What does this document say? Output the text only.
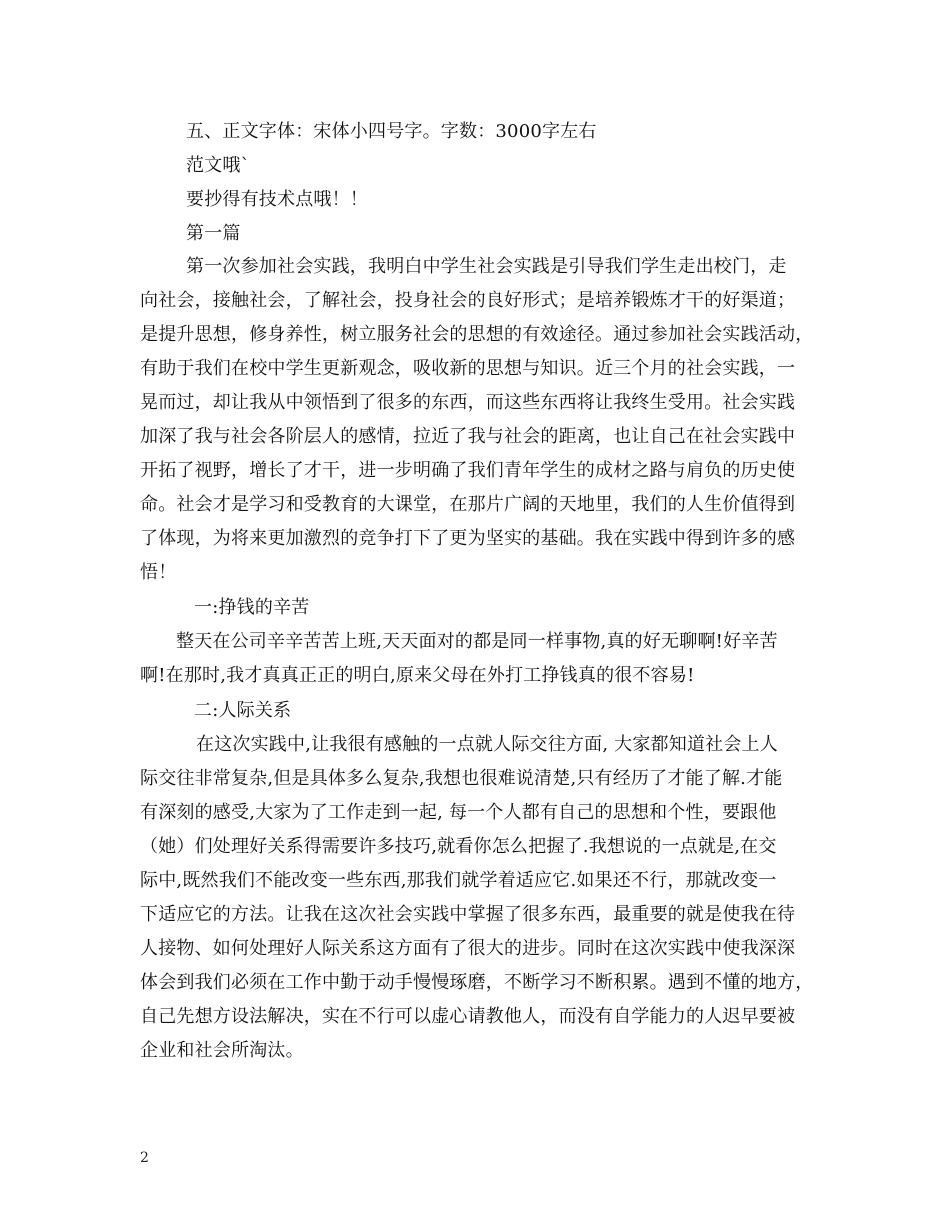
五、正文字体：宋体小四号字。字数：3000字左右
范文哦`
要抄得有技术点哦！！
第一篇
第一次参加社会实践，我明白中学生社会实践是引导我们学生走出校门，走
向社会，接触社会，了解社会，投身社会的良好形式；是培养锻炼才干的好渠道；
是提升思想，修身养性，树立服务社会的思想的有效途径。通过参加社会实践活动，
有助于我们在校中学生更新观念，吸收新的思想与知识。近三个月的社会实践，一
晃而过，却让我从中领悟到了很多的东西，而这些东西将让我终生受用。社会实践
加深了我与社会各阶层人的感情，拉近了我与社会的距离，也让自己在社会实践中
开拓了视野，增长了才干，进一步明确了我们青年学生的成材之路与肩负的历史使
命。社会才是学习和受教育的大课堂，在那片广阔的天地里，我们的人生价值得到
了体现，为将来更加激烈的竞争打下了更为坚实的基础。我在实践中得到许多的感
悟！
一:挣钱的辛苦
整天在公司辛辛苦苦上班,天天面对的都是同一样事物,真的好无聊啊!好辛苦
啊!在那时,我才真真正正的明白,原来父母在外打工挣钱真的很不容易!
二:人际关系
在这次实践中,让我很有感触的一点就人际交往方面, 大家都知道社会上人
际交往非常复杂,但是具体多么复杂,我想也很难说清楚,只有经历了才能了解.才能
有深刻的感受,大家为了工作走到一起, 每一个人都有自己的思想和个性，要跟他
（她）们处理好关系得需要许多技巧,就看你怎么把握了.我想说的一点就是,在交
际中,既然我们不能改变一些东西,那我们就学着适应它.如果还不行，那就改变一
下适应它的方法。让我在这次社会实践中掌握了很多东西，最重要的就是使我在待
人接物、如何处理好人际关系这方面有了很大的进步。同时在这次实践中使我深深
体会到我们必须在工作中勤于动手慢慢琢磨，不断学习不断积累。遇到不懂的地方，
自己先想方设法解决，实在不行可以虚心请教他人，而没有自学能力的人迟早要被
企业和社会所淘汰。
2
